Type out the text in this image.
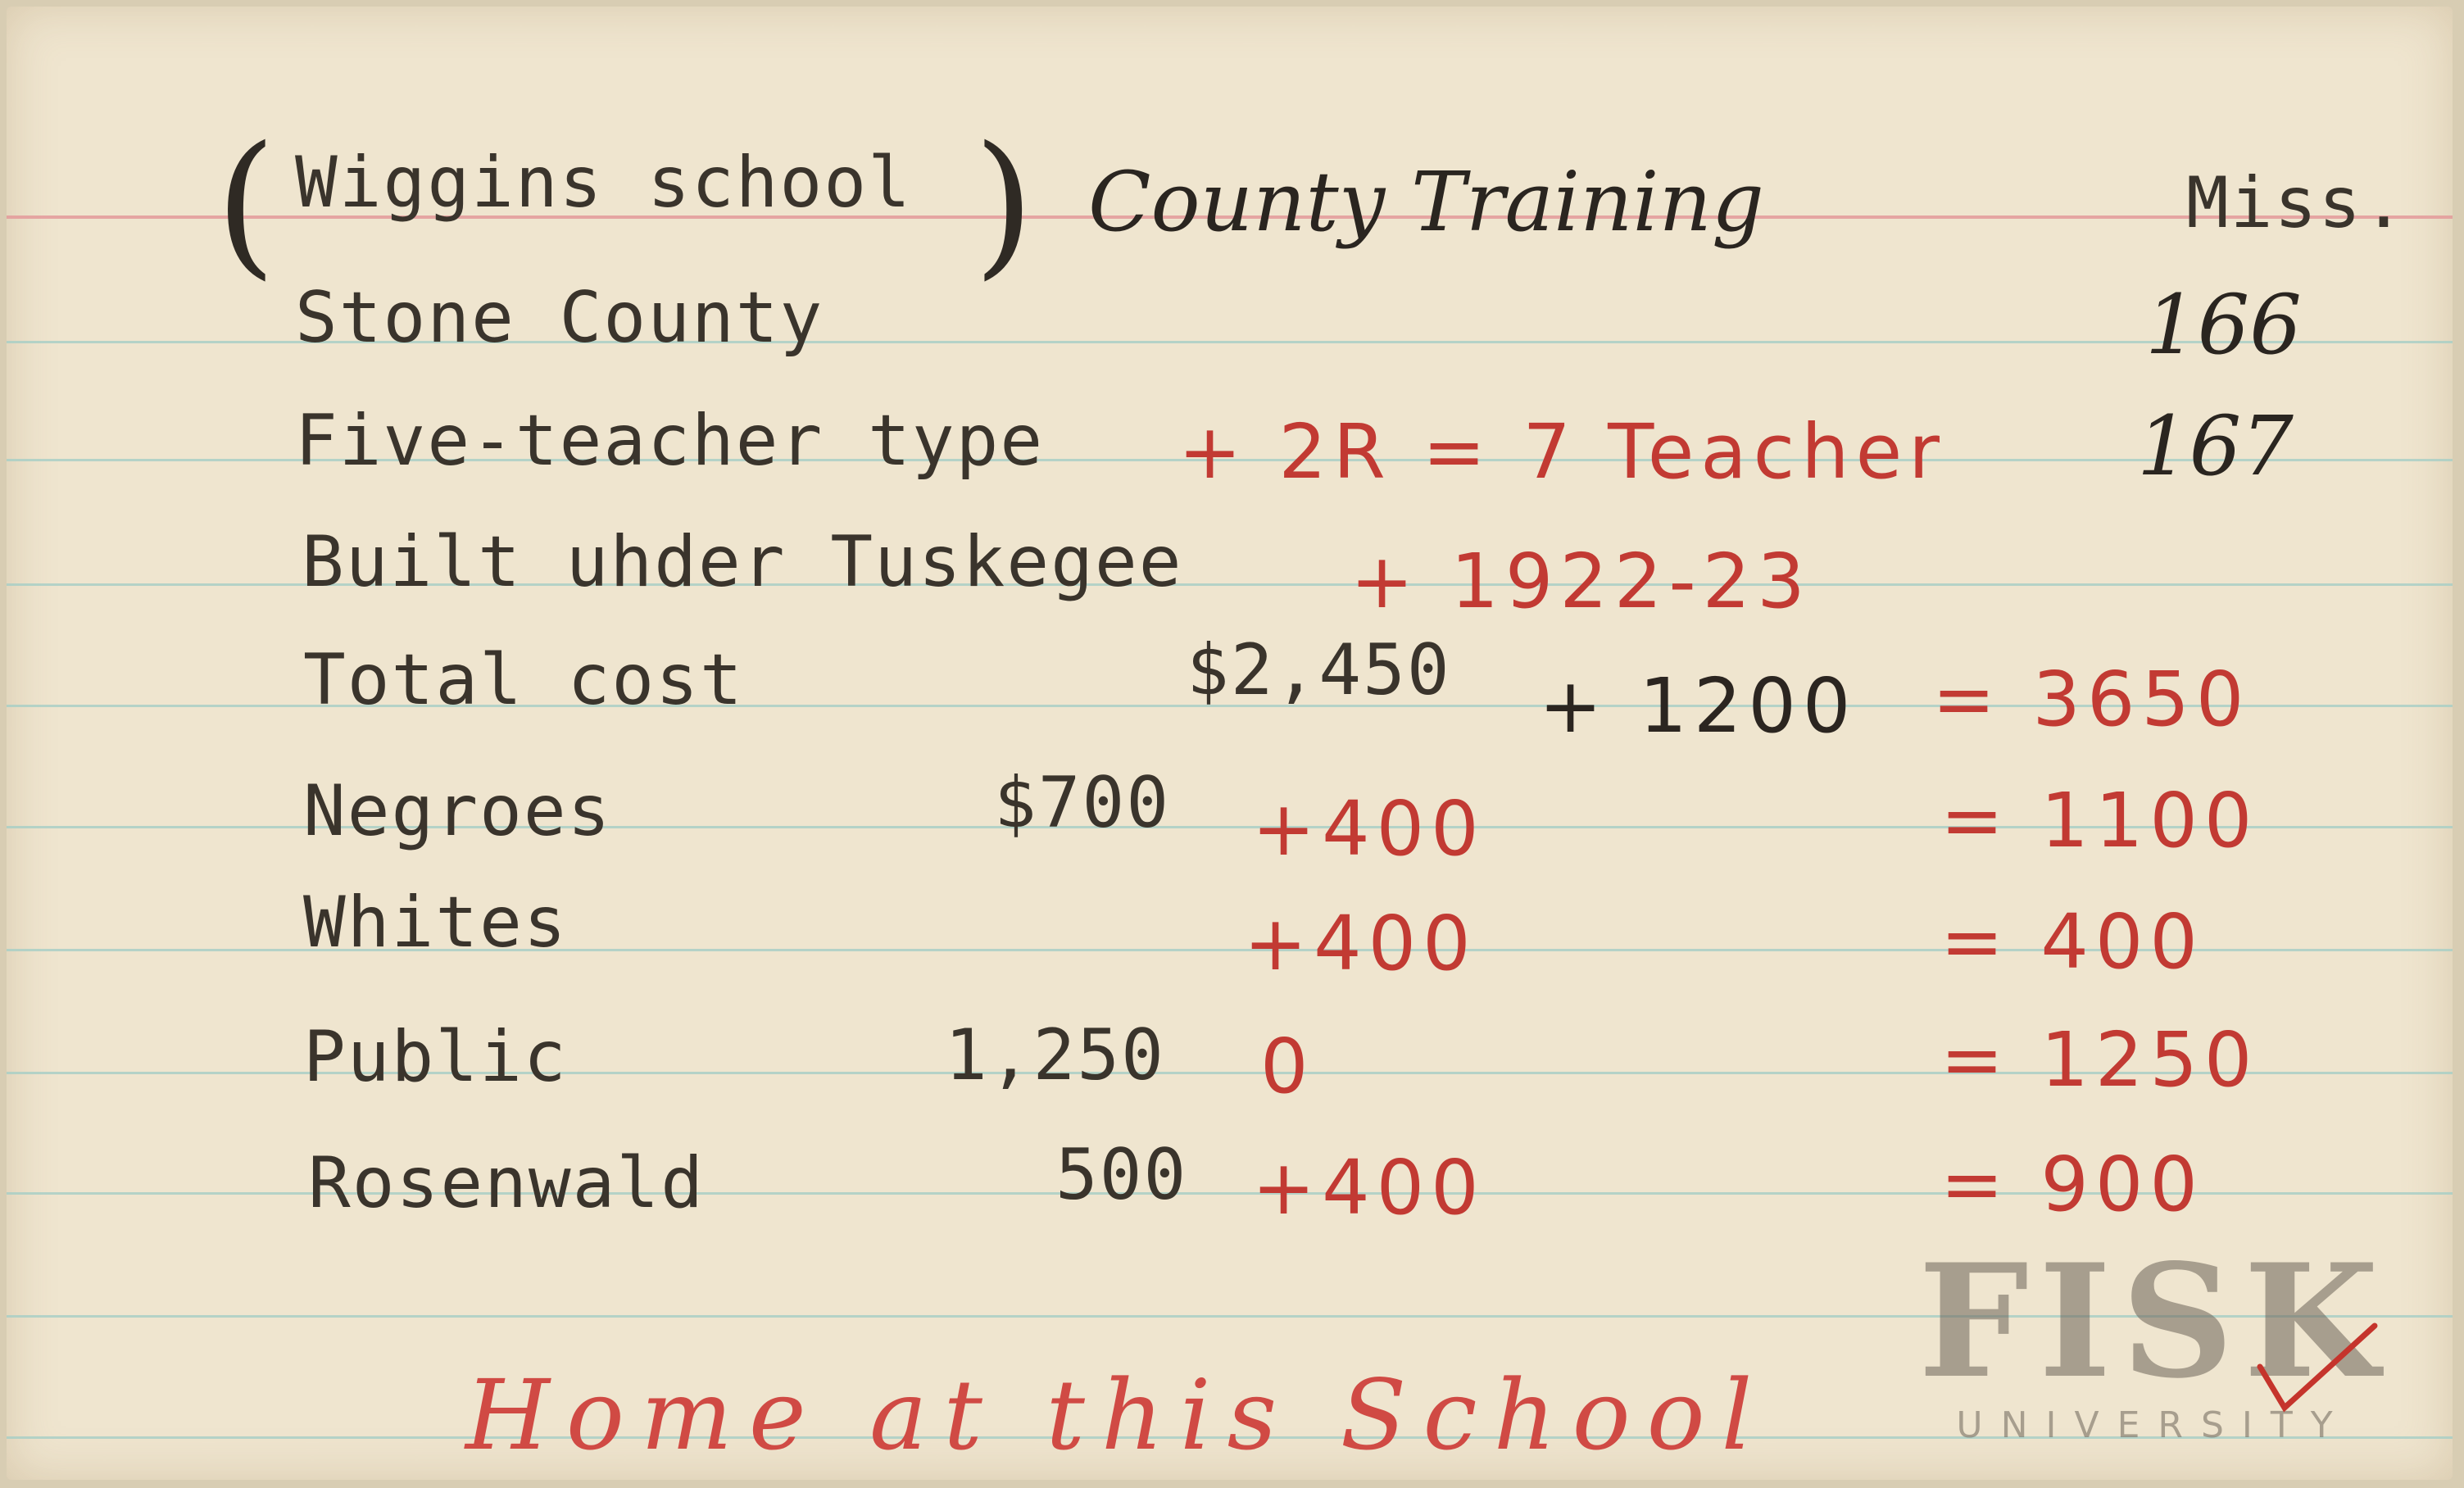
( Wiggins school ) County Training	Miss.
Stone County	166
Five-teacher type + 2R = 7 Teacher 167
Built uhder Tuskegee + 1922-23
Total cost	$2,450 + 1200 = 3650
Negroes	$700 +400	= 1100
Whites	+400	= 400
Public	1,250 0	= 1250
Rosenwald	500 +400	= 900
Home at this School
FISK
UNIVERSITY
